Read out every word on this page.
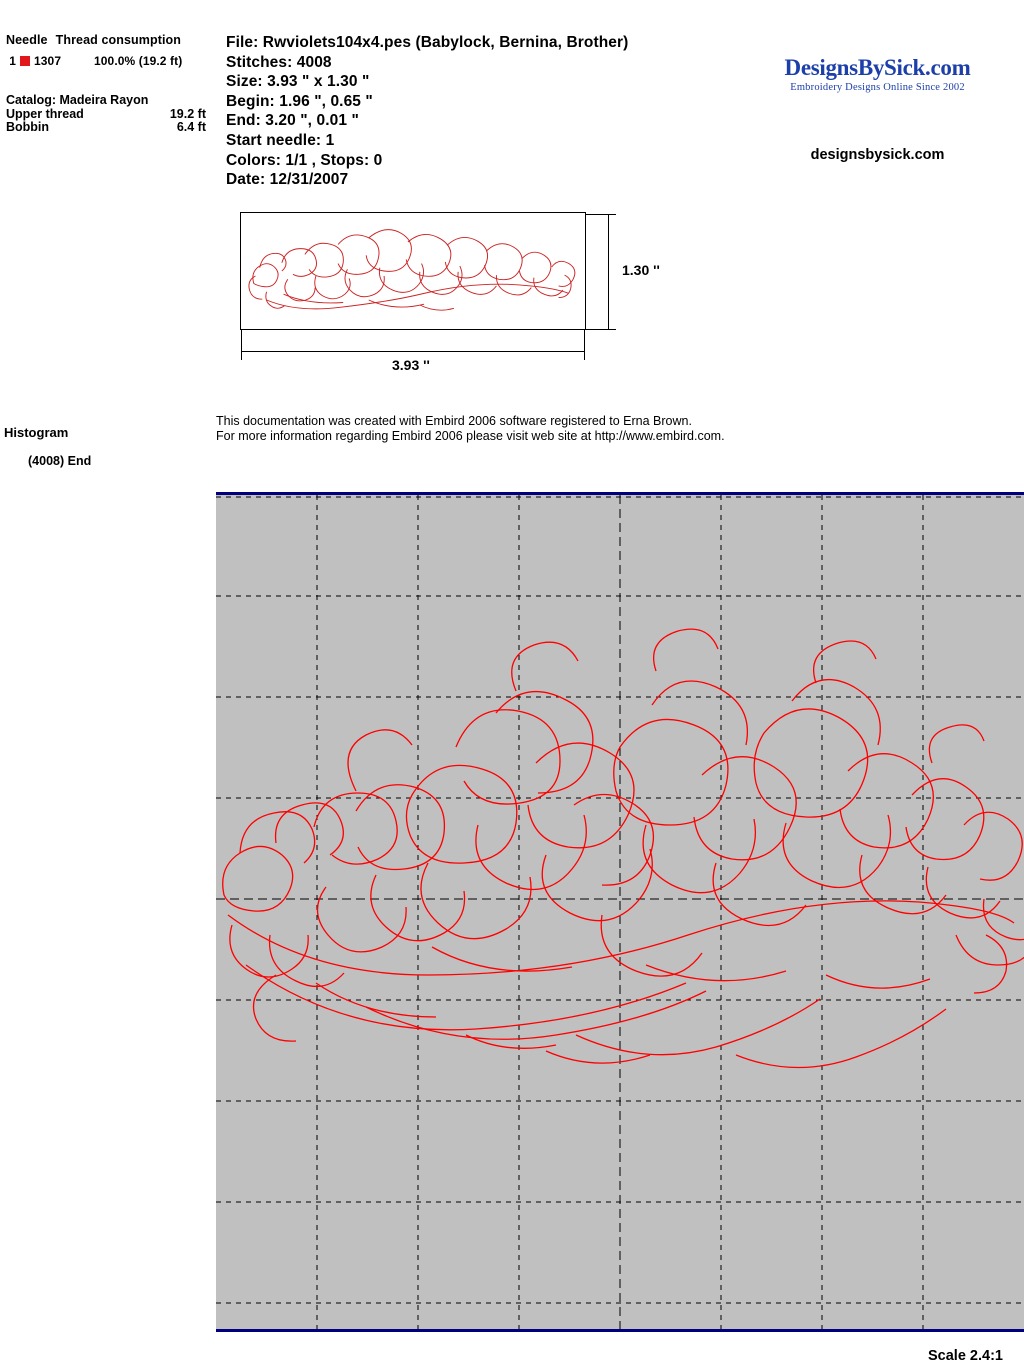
Needle Thread consumption
1 1307	100.0% (19.2 ft)
Catalog: Madeira Rayon
Upper thread	19.2 ft
Bobbin	6.4 ft
File: Rwviolets104x4.pes (Babylock, Bernina, Brother)
Stitches: 4008
Size: 3.93 " x 1.30 "
Begin: 1.96 ", 0.65 "
End: 3.20 ", 0.01 "
Start needle: 1
Colors: 1/1 , Stops: 0
Date: 12/31/2007
DesignsBySick.com
Embroidery Designs Online Since 2002
designsbysick.com
1.30 ''
3.93 ''
This documentation was created with Embird 2006 software registered to Erna Brown.
For more information regarding Embird 2006 please visit web site at http://www.embird.com.
Histogram
(4008) End
Scale 2.4:1
